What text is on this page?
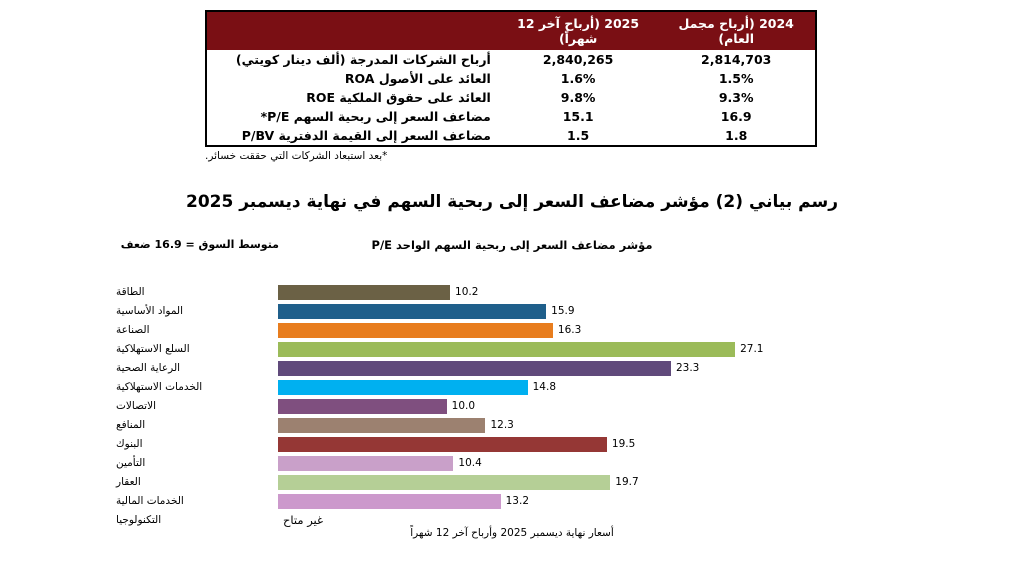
2024 (أرباح مجمل العام)	2025 (أرباح آخر 12 شهراً)	
2,814,703	2,840,265	أرباح الشركات المدرجة (ألف دينار كويتي)
1.5%	1.6%	العائد على الأصول ROA
9.3%	9.8%	العائد على حقوق الملكية ROE
16.9	15.1	مضاعف السعر إلى ربحية السهم P/E*
1.8	1.5	مضاعف السعر إلى القيمة الدفترية P/BV
*بعد استبعاد الشركات التي حققت خسائر.
رسم بياني (2) مؤشر مضاعف السعر إلى ربحية السهم في نهاية ديسمبر 2025
مؤشر مضاعف السعر إلى ربحية السهم الواحد P/E
متوسط السوق = 16.9 ضعف
الطاقة	10.2
المواد الأساسية	15.9
الصناعة	16.3
السلع الاستهلاكية	27.1
الرعاية الصحية	23.3
الخدمات الاستهلاكية	14.8
الاتصالات	10.0
المنافع	12.3
البنوك	19.5
التأمين	10.4
العقار	19.7
الخدمات المالية	13.2
التكنولوجيا	غير متاح
أسعار نهاية ديسمبر 2025 وأرباح آخر 12 شهراً
